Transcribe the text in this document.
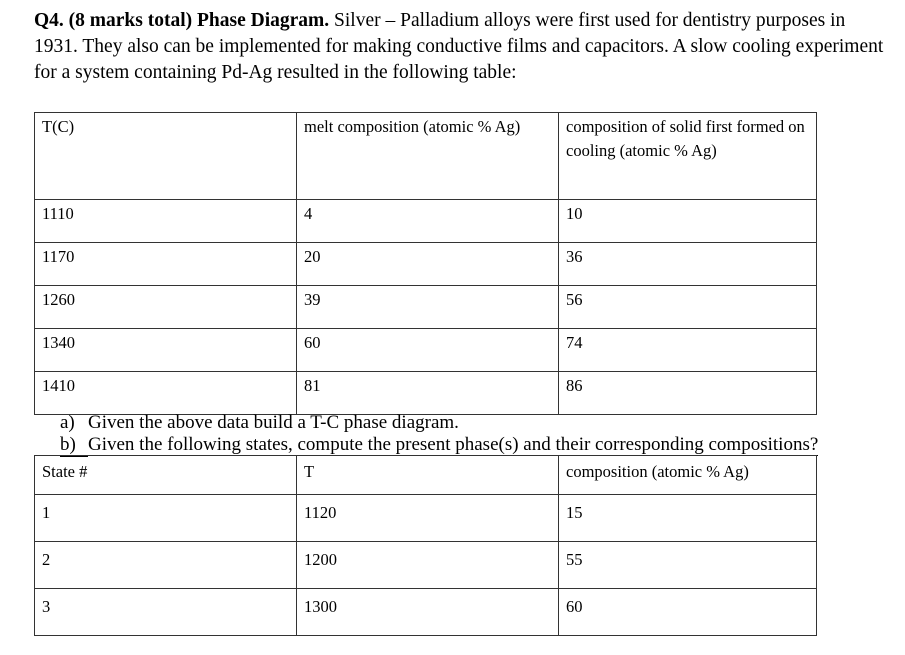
Q4. (8 marks total) Phase Diagram. Silver – Palladium alloys were first used for dentistry purposes in 1931. They also can be implemented for making conductive films and capacitors. A slow cooling experiment for a system containing Pd-Ag resulted in the following table:

T(C)	melt composition (atomic % Ag)	composition of solid first formed on cooling (atomic % Ag)
1110	4	10
1170	20	36
1260	39	56
1340	60	74
1410	81	86
a) Given the above data build a T-C phase diagram.
b) Given the following states, compute the present phase(s) and their corresponding compositions?
State #	T	composition (atomic % Ag)
1	1120	15
2	1200	55
3	1300	60
